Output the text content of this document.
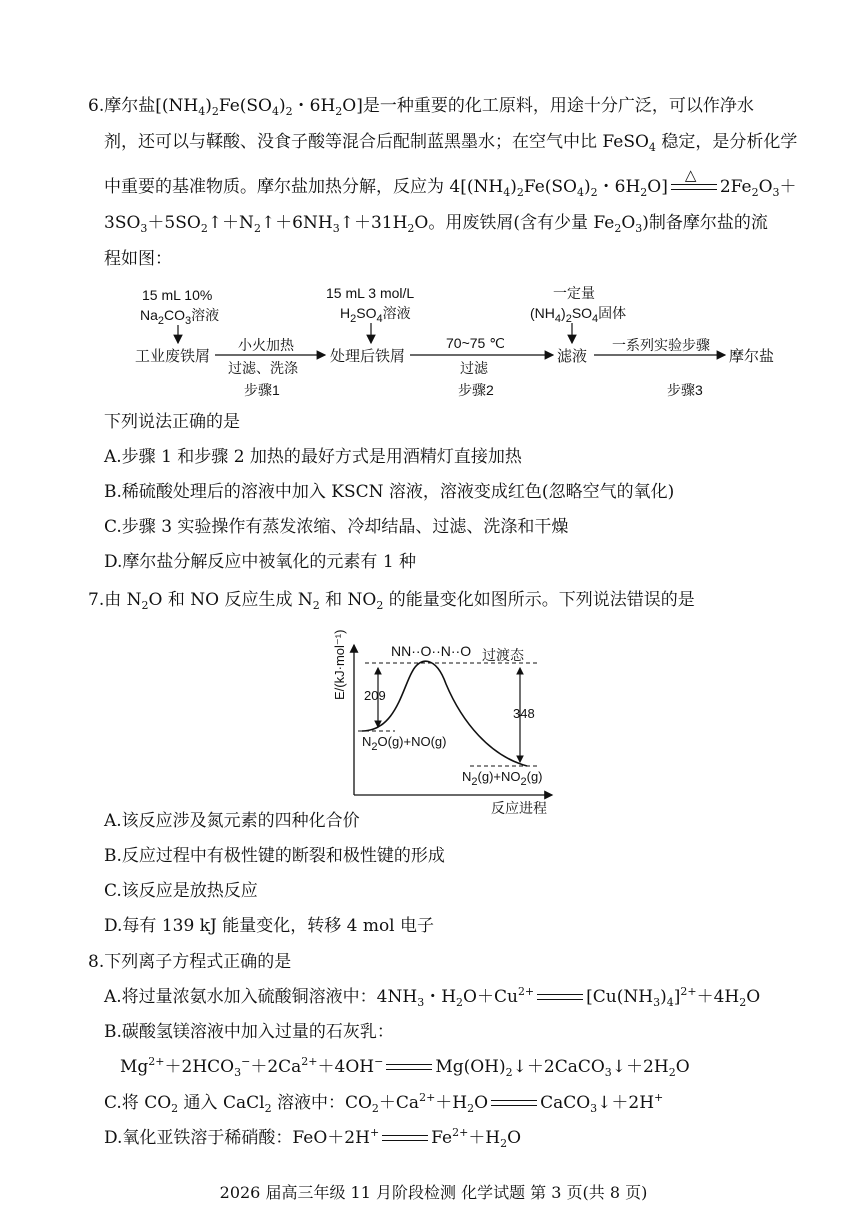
6.摩尔盐[$(NH_4)_2Fe(SO_4)_2$・$6H_2O$]是一种重要的化工原料，用途十分广泛，可以作净水
剂，还可以与鞣酸、没食子酸等混合后配制蓝黑墨水；在空气中比 FeSO$_4$ 稳定，是分析化学
中重要的基准物质。摩尔盐加热分解，反应为 $4[(NH_4)_2Fe(SO_4)_2$・$6H_2O$]
△
$2Fe_2O_3+$
$3SO_3+5SO_2↑+N_2↑+6NH_3↑+31H_2O$。用废铁屑(含有少量 $Fe_2O_3$)制备摩尔盐的流
程如图：
15 mL 10%
$Na_2CO_3$溶液
15 mL 3 mol/L
$H_2SO_4$溶液
一定量
$(NH_4)_2SO_4$固体
工业废铁屑	处理后铁屑	滤液	摩尔盐
小火加热
过滤、洗涤
70~75 ℃
过滤
一系列实验步骤
步骤1	步骤2	步骤3
下列说法正确的是
A.步骤 1 和步骤 2 加热的最好方式是用酒精灯直接加热
B.稀硫酸处理后的溶液中加入 KSCN 溶液，溶液变成红色(忽略空气的氧化)
C.步骤 3 实验操作有蒸发浓缩、冷却结晶、过滤、洗涤和干燥
D.摩尔盐分解反应中被氧化的元素有 1 种
7.由 $N_2O$ 和 NO 反应生成 $N_2$ 和 $NO_2$ 的能量变化如图所示。下列说法错误的是
E/(kJ·mol⁻¹)	NN··O··N··O 过渡态
209
348
$N_2O(g)+NO(g)$
$N_2(g)+NO_2(g)$
反应进程
A.该反应涉及氮元素的四种化合价
B.反应过程中有极性键的断裂和极性键的形成
C.该反应是放热反应
D.每有 139 kJ 能量变化，转移 4 mol 电子
8.下列离子方程式正确的是
A.将过量浓氨水加入硫酸铜溶液中：$4NH_3$・$H_2O+Cu^{2+}$	$[Cu(NH_3)_4]^{2+}+4H_2O$
B.碳酸氢镁溶液中加入过量的石灰乳：
$Mg^{2+}+2HCO_3^-+2Ca^{2+}+4OH^-$	$Mg(OH)_2↓+2CaCO_3↓+2H_2O$
C.将 $CO_2$ 通入 CaCl$_2$ 溶液中：$CO_2+Ca^{2+}+H_2O$	CaCO$_3$↓＋2H+
D.氧化亚铁溶于稀硝酸：FeO＋2H+	$Fe^{2+}+H_2O$
2026 届高三年级 11 月阶段检测 化学试题 第 3 页(共 8 页)
